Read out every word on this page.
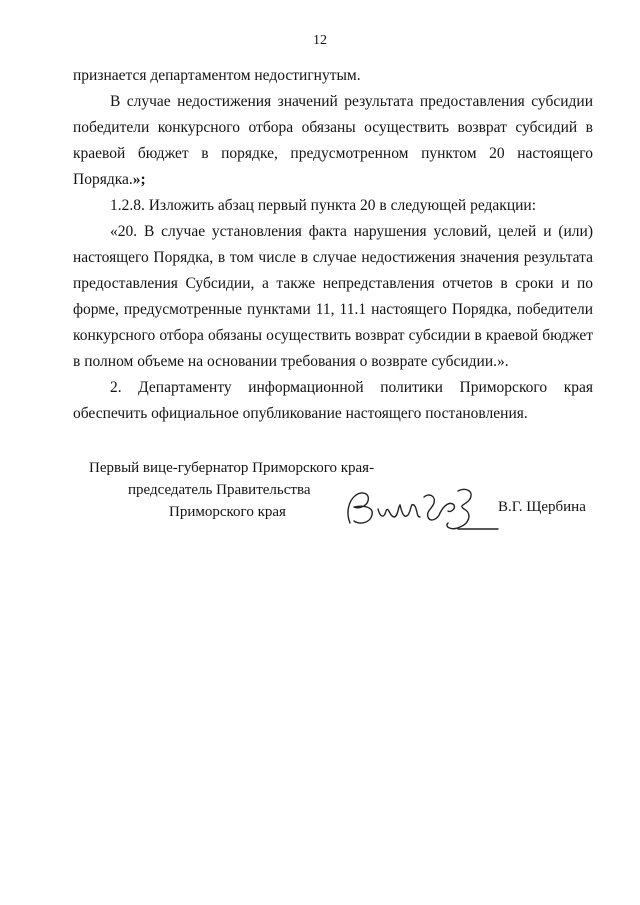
12

признается департаментом недостигнутым.

В случае недостижения значений результата предоставления субсидии победители конкурсного отбора обязаны осуществить возврат субсидий в краевой бюджет в порядке, предусмотренном пунктом 20 настоящего Порядка.»;

1.2.8. Изложить абзац первый пункта 20 в следующей редакции:

«20. В случае установления факта нарушения условий, целей и (или) настоящего Порядка, в том числе в случае недостижения значения результата предоставления Субсидии, а также непредставления отчетов в сроки и по форме, предусмотренные пунктами 11, 11.1 настоящего Порядка, победители конкурсного отбора обязаны осуществить возврат субсидии в краевой бюджет в полном объеме на основании требования о возврате субсидии.».

2. Департаменту информационной политики Приморского края обеспечить официальное опубликование настоящего постановления.

Первый вице-губернатор Приморского края-
председатель Правительства
Приморского края	В.Г. Щербина
